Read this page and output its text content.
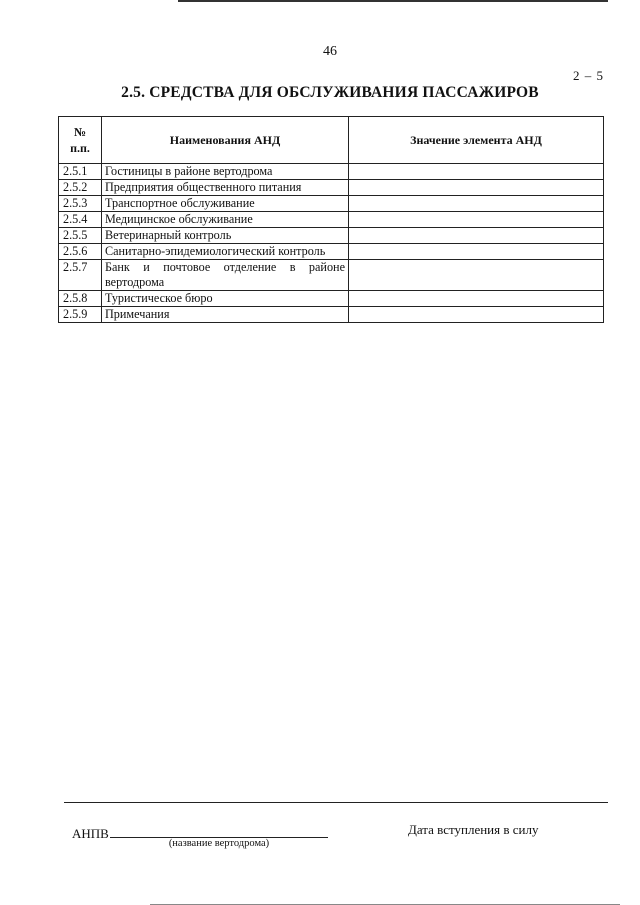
46
2 – 5
2.5. СРЕДСТВА ДЛЯ ОБСЛУЖИВАНИЯ ПАССАЖИРОВ
№
п.п.	Наименования АНД	Значение элемента АНД
2.5.1	Гостиницы в районе вертодрома	
2.5.2	Предприятия общественного питания	
2.5.3	Транспортное обслуживание	
2.5.4	Медицинское обслуживание	
2.5.5	Ветеринарный контроль	
2.5.6	Санитарно-эпидемиологический контроль	
2.5.7	Банк и почтовое отделение в районе
вертодрома	

2.5.8	Туристическое бюро	
2.5.9	Примечания	
АНПВ
(название вертодрома)
Дата вступления в силу
